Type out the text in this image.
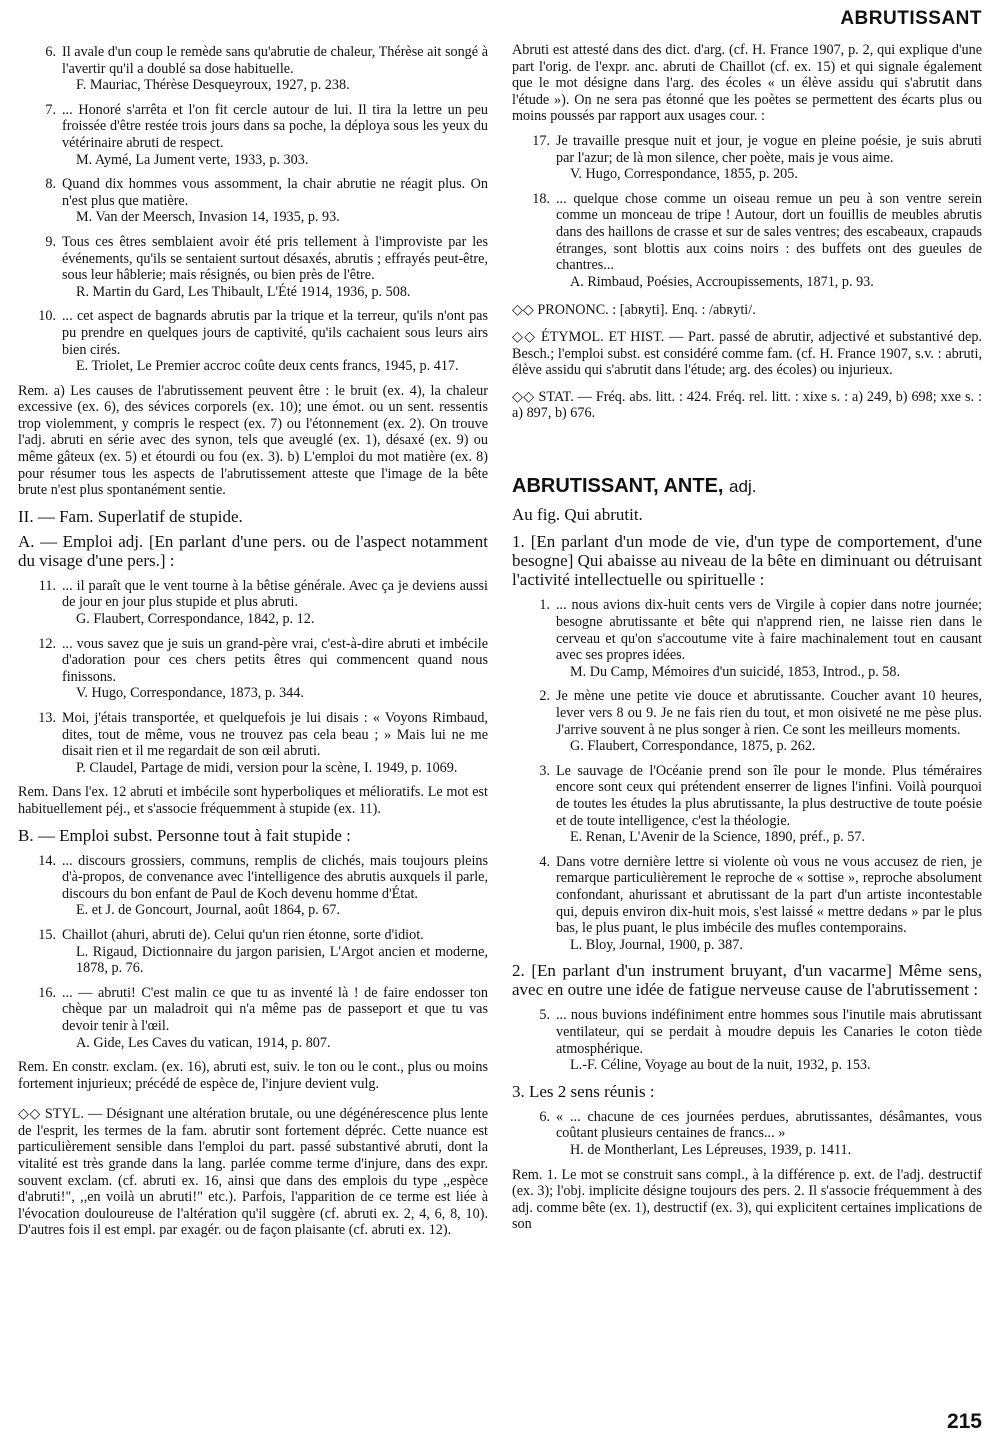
ABRUTISSANT
6. Il avale d'un coup le remède sans qu'abrutie de chaleur, Thérèse ait songé à l'avertir qu'il a doublé sa dose habituelle.
F. Mauriac, Thérèse Desqueyroux, 1927, p. 238.
7. ... Honoré s'arrêta et l'on fit cercle autour de lui. Il tira la lettre un peu froissée d'être restée trois jours dans sa poche, la déploya sous les yeux du vétérinaire abruti de respect.
M. Aymé, La Jument verte, 1933, p. 303.
8. Quand dix hommes vous assomment, la chair abrutie ne réagit plus. On n'est plus que matière.
M. Van der Meersch, Invasion 14, 1935, p. 93.
9. Tous ces êtres semblaient avoir été pris tellement à l'improviste par les événements, qu'ils se sentaient surtout désaxés, abrutis ; effrayés peut-être, sous leur hâblerie; mais résignés, ou bien près de l'être.
R. Martin du Gard, Les Thibault, L'Été 1914, 1936, p. 508.
10. ... cet aspect de bagnards abrutis par la trique et la terreur, qu'ils n'ont pas pu prendre en quelques jours de captivité, qu'ils cachaient sous leurs airs bien cirés.
E. Triolet, Le Premier accroc coûte deux cents francs, 1945, p. 417.
Rem. a) Les causes de l'abrutissement peuvent être : le bruit (ex. 4), la chaleur excessive (ex. 6), des sévices corporels (ex. 10); une émot. ou un sent. ressentis trop violemment, y compris le respect (ex. 7) ou l'étonnement (ex. 2). On trouve l'adj. abruti en série avec des synon, tels que aveuglé (ex. 1), désaxé (ex. 9) ou même gâteux (ex. 5) et étourdi ou fou (ex. 3). b) L'emploi du mot matière (ex. 8) pour résumer tous les aspects de l'abrutissement atteste que l'image de la bête brute n'est plus spontanément sentie.
II. — Fam. Superlatif de stupide.
A. — Emploi adj. [En parlant d'une pers. ou de l'aspect notamment du visage d'une pers.] :
11. ... il paraît que le vent tourne à la bêtise générale. Avec ça je deviens aussi de jour en jour plus stupide et plus abruti.
G. Flaubert, Correspondance, 1842, p. 12.
12. ... vous savez que je suis un grand-père vrai, c'est-à-dire abruti et imbécile d'adoration pour ces chers petits êtres qui commencent quand nous finissons.
V. Hugo, Correspondance, 1873, p. 344.
13. Moi, j'étais transportée, et quelquefois je lui disais : « Voyons Rimbaud, dites, tout de même, vous ne trouvez pas cela beau ; » Mais lui ne me disait rien et il me regardait de son œil abruti.
P. Claudel, Partage de midi, version pour la scène, I. 1949, p. 1069.
Rem. Dans l'ex. 12 abruti et imbécile sont hyperboliques et mélioratifs. Le mot est habituellement péj., et s'associe fréquemment à stupide (ex. 11).
B. — Emploi subst. Personne tout à fait stupide :
14. ... discours grossiers, communs, remplis de clichés, mais toujours pleins d'à-propos, de convenance avec l'intelligence des abrutis auxquels il parle, discours du bon enfant de Paul de Koch devenu homme d'État.
E. et J. de Goncourt, Journal, août 1864, p. 67.
15. Chaillot (ahuri, abruti de). Celui qu'un rien étonne, sorte d'idiot.
L. Rigaud, Dictionnaire du jargon parisien, L'Argot ancien et moderne, 1878, p. 76.
16. ... — abruti! C'est malin ce que tu as inventé là ! de faire endosser ton chèque par un maladroit qui n'a même pas de passeport et que tu vas devoir tenir à l'œil.
A. Gide, Les Caves du vatican, 1914, p. 807.
Rem. En constr. exclam. (ex. 16), abruti est, suiv. le ton ou le cont., plus ou moins fortement injurieux; précédé de espèce de, l'injure devient vulg.
◇◇ STYL. — Désignant une altération brutale, ou une dégénérescence plus lente de l'esprit, les termes de la fam. abrutir sont fortement dépréc. Cette nuance est particulièrement sensible dans l'emploi du part. passé substantivé abruti, dont la vitalité est très grande dans la lang. parlée comme terme d'injure, dans des expr. souvent exclam. (cf. abruti ex. 16, ainsi que dans des emplois du type ,,espèce d'abruti!", ,,en voilà un abruti!" etc.). Parfois, l'apparition de ce terme est liée à l'évocation douloureuse de l'altération qu'il suggère (cf. abruti ex. 2, 4, 6, 8, 10). D'autres fois il est empl. par exagér. ou de façon plaisante (cf. abruti ex. 12).
Abruti est attesté dans des dict. d'arg. (cf. H. France 1907, p. 2, qui explique d'une part l'orig. de l'expr. anc. abruti de Chaillot (cf. ex. 15) et qui signale également que le mot désigne dans l'arg. des écoles « un élève assidu qui s'abrutit dans l'étude »). On ne sera pas étonné que les poètes se permettent des écarts plus ou moins poussés par rapport aux usages cour. :
17. Je travaille presque nuit et jour, je vogue en pleine poésie, je suis abruti par l'azur; de là mon silence, cher poète, mais je vous aime.
V. Hugo, Correspondance, 1855, p. 205.
18. ... quelque chose comme un oiseau remue un peu à son ventre serein comme un monceau de tripe ! Autour, dort un fouillis de meubles abrutis dans des haillons de crasse et sur de sales ventres; des escabeaux, crapauds étranges, sont blottis aux coins noirs : des buffets ont des gueules de chantres...
A. Rimbaud, Poésies, Accroupissements, 1871, p. 93.
◇◇ PRONONC. : [abʀyti]. Enq. : /abʀyti/.
◇◇ ÉTYMOL. ET HIST. — Part. passé de abrutir, adjectivé et substantivé dep. Besch.; l'emploi subst. est considéré comme fam. (cf. H. France 1907, s.v. : abruti, élève assidu qui s'abrutit dans l'étude; arg. des écoles) ou injurieux.
◇◇ STAT. — Fréq. abs. litt. : 424. Fréq. rel. litt. : xixe s. : a) 249, b) 698; xxe s. : a) 897, b) 676.
ABRUTISSANT, ANTE, adj.
Au fig. Qui abrutit.
1. [En parlant d'un mode de vie, d'un type de comportement, d'une besogne] Qui abaisse au niveau de la bête en diminuant ou détruisant l'activité intellectuelle ou spirituelle :
1. ... nous avions dix-huit cents vers de Virgile à copier dans notre journée; besogne abrutissante et bête qui n'apprend rien, ne laisse rien dans le cerveau et qu'on s'accoutume vite à faire machinalement tout en causant avec ses propres idées.
M. Du Camp, Mémoires d'un suicidé, 1853, Introd., p. 58.
2. Je mène une petite vie douce et abrutissante. Coucher avant 10 heures, lever vers 8 ou 9. Je ne fais rien du tout, et mon oisiveté ne me pèse plus. J'arrive souvent à ne plus songer à rien. Ce sont les meilleurs moments.
G. Flaubert, Correspondance, 1875, p. 262.
3. Le sauvage de l'Océanie prend son île pour le monde. Plus téméraires encore sont ceux qui prétendent enserrer de lignes l'infini. Voilà pourquoi de toutes les études la plus abrutissante, la plus destructive de toute poésie et de toute intelligence, c'est la théologie.
E. Renan, L'Avenir de la Science, 1890, préf., p. 57.
4. Dans votre dernière lettre si violente où vous ne vous accusez de rien, je remarque particulièrement le reproche de « sottise », reproche absolument confondant, ahurissant et abrutissant de la part d'un artiste incontestable qui, depuis environ dix-huit mois, s'est laissé « mettre dedans » par le plus bas, le plus puant, le plus imbécile des mufles contemporains.
L. Bloy, Journal, 1900, p. 387.
2. [En parlant d'un instrument bruyant, d'un vacarme] Même sens, avec en outre une idée de fatigue nerveuse cause de l'abrutissement :
5. ... nous buvions indéfiniment entre hommes sous l'inutile mais abrutissant ventilateur, qui se perdait à moudre depuis les Canaries le coton tiède atmosphérique.
L.-F. Céline, Voyage au bout de la nuit, 1932, p. 153.
3. Les 2 sens réunis :
6. « ... chacune de ces journées perdues, abrutissantes, désâmantes, vous coûtant plusieurs centaines de francs... »
H. de Montherlant, Les Lépreuses, 1939, p. 1411.
Rem. 1. Le mot se construit sans compl., à la différence p. ext. de l'adj. destructif (ex. 3); l'obj. implicite désigne toujours des pers. 2. Il s'associe fréquemment à des adj. comme bête (ex. 1), destructif (ex. 3), qui explicitent certaines implications de son
215
